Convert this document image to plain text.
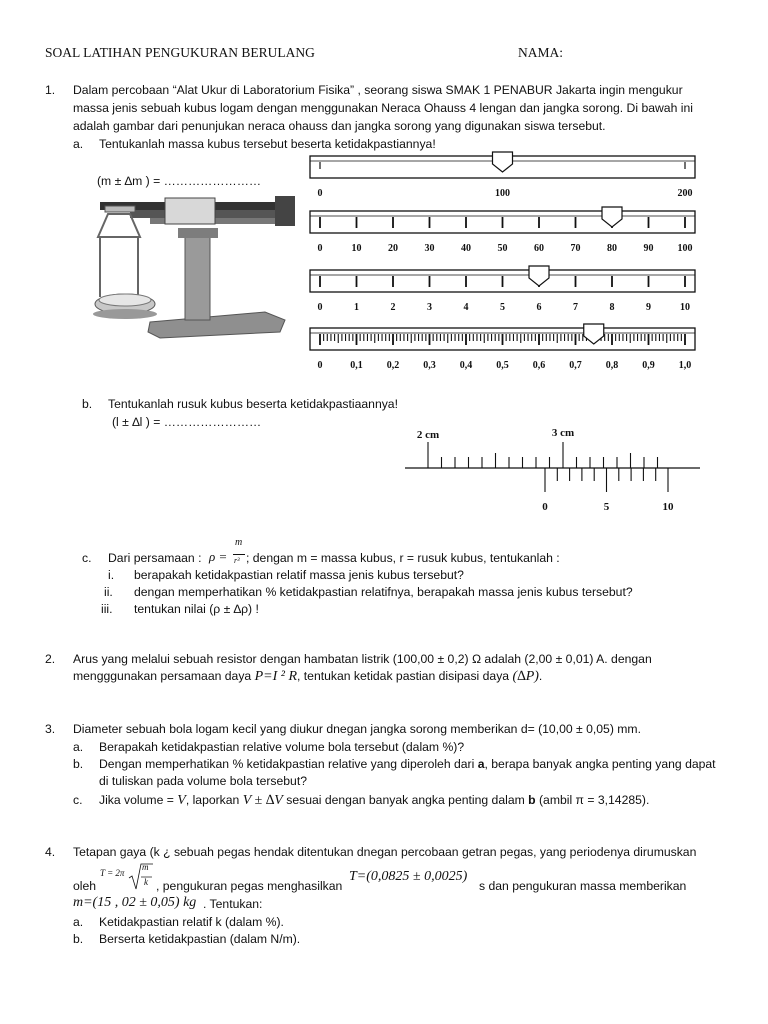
SOAL LATIHAN PENGUKURAN BERULANG	NAMA:
1. Dalam percobaan “Alat Ukur di Laboratorium Fisika” , seorang siswa SMAK 1 PENABUR Jakarta ingin mengukur
massa jenis sebuah kubus logam dengan menggunakan Neraca Ohauss 4 lengan dan jangka sorong. Di bawah ini
adalah gambar dari penunjukan neraca ohauss dan jangka sorong yang digunakan siswa tersebut.
a. Tentukanlah massa kubus tersebut beserta ketidakpastiannya!
(m ± ∆m ) = ……………………
0	100	200
0	10	20	30	40	50	60	70	80	90 100
0	1	2	3	4	5	6	7	8	9	10
0	0,1 0,2 0,3 0,4 0,5 0,6 0,7 0,8 0,9 1,0
b. Tentukanlah rusuk kubus beserta ketidakpastiaannya!
(l ± ∆l ) = ……………………
2 cm	3 cm
0	5	10
c. Dari persamaan : ρ =
m
r³ ; dengan m = massa kubus, r = rusuk kubus, tentukanlah :
i. berapakah ketidakpastian relatif massa jenis kubus tersebut?
ii. dengan memperhatikan % ketidakpastian relatifnya, berapakah massa jenis kubus tersebut?
iii. tentukan nilai (ρ ± ∆ρ) !
2. Arus yang melalui sebuah resistor dengan hambatan listrik (100,00 ± 0,2) Ω adalah (2,00 ± 0,01) A. dengan
mengggunakan persamaan daya P=I ² R, tentukan ketidak pastian disipasi daya (∆P).
3. Diameter sebuah bola logam kecil yang diukur dnegan jangka sorong memberikan d= (10,00 ± 0,05) mm.
a. Berapakah ketidakpastian relative volume bola tersebut (dalam %)?
b. Dengan memperhatikan % ketidakpastian relative yang diperoleh dari a, berapa banyak angka penting yang dapat
di tuliskan pada volume bola tersebut?
c. Jika volume = V, laporkan V ± ∆V sesuai dengan banyak angka penting dalam b (ambil π = 3,14285).
4. Tetapan gaya (k ¿ sebuah pegas hendak ditentukan dnegan percobaan getran pegas, yang periodenya dirumuskan
oleh
T = 2π
m
k , pengukuran pegas menghasilkan
T=(0,0825 ± 0,0025)
s dan pengukuran massa memberikan
m=(15 , 02 ± 0,05) kg . Tentukan:
a. Ketidakpastian relatif k (dalam %).
b. Berserta ketidakpastian (dalam N/m).
